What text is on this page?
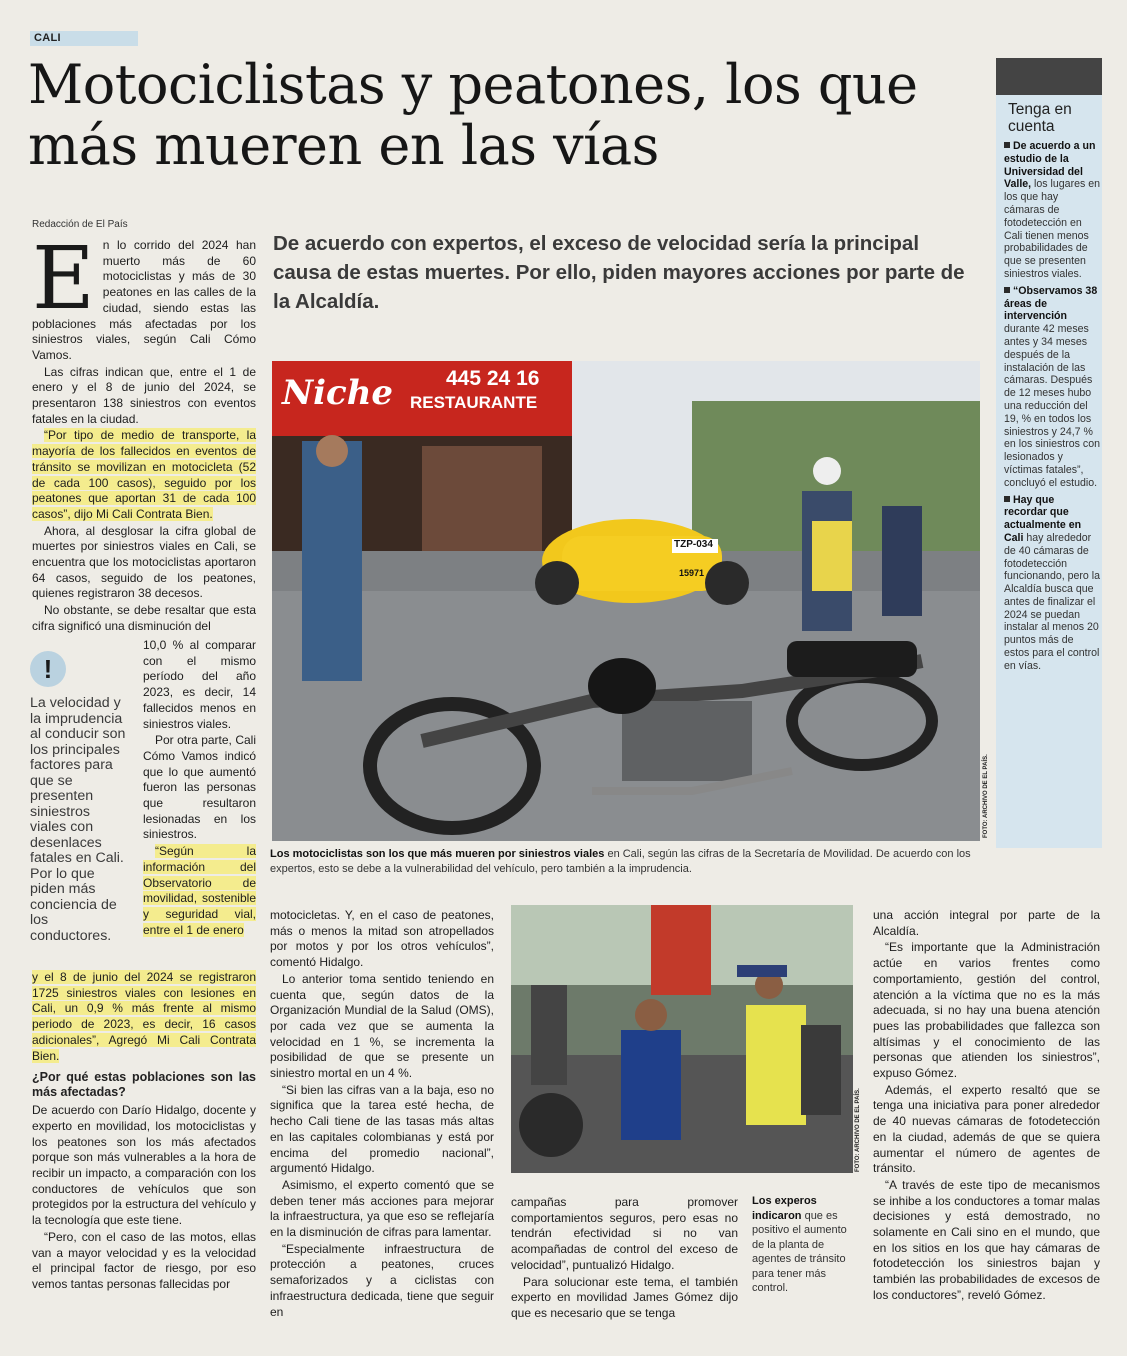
CALI
Motociclistas y peatones, los que más mueren en las vías
Redacción de El País
De acuerdo con expertos, el exceso de velocidad sería la principal causa de estas muertes. Por ello, piden mayores acciones por parte de la Alcaldía.
E n lo corrido del 2024 han muerto más de 60 motociclistas y más de 30 peatones en las calles de la ciudad, siendo estas las poblaciones más afectadas por los siniestros viales, según Cali Cómo Vamos.

Las cifras indican que, entre el 1 de enero y el 8 de junio del 2024, se presentaron 138 siniestros con eventos fatales en la ciudad.

“Por tipo de medio de transporte, la mayoría de los fallecidos en eventos de tránsito se movilizan en motocicleta (52 de cada 100 casos), seguido por los peatones que aportan 31 de cada 100 casos”, dijo Mi Cali Contrata Bien.

Ahora, al desglosar la cifra global de muertes por siniestros viales en Cali, se encuentra que los motociclistas aportaron 64 casos, seguido de los peatones, quienes registraron 38 decesos.

No obstante, se debe resaltar que esta cifra significó una disminución del

10,0 % al comparar con el mismo período del año 2023, es decir, 14 fallecidos menos en siniestros viales.

Por otra parte, Cali Cómo Vamos indicó que lo que aumentó fueron las personas que resultaron lesionadas en los siniestros.

“Según la información del Observatorio de movilidad, sostenible y seguridad vial, entre el 1 de enero

!
La velocidad y la imprudencia al conducir son los principales factores para que se presenten siniestros viales con desenlaces fatales en Cali. Por lo que piden más conciencia de los conductores.

y el 8 de junio del 2024 se registraron 1725 siniestros viales con lesiones en Cali, un 0,9 % más frente al mismo periodo de 2023, es decir, 16 casos adicionales”, Agregó Mi Cali Contrata Bien.

¿Por qué estas poblaciones son las más afectadas?

De acuerdo con Darío Hidalgo, docente y experto en movilidad, los motociclistas y los peatones son los más afectados porque son más vulnerables a la hora de recibir un impacto, a comparación con los conductores de vehículos que son protegidos por la estructura del vehículo y la tecnología que este tiene.

“Pero, con el caso de las motos, ellas van a mayor velocidad y es la velocidad el principal factor de riesgo, por eso vemos tantas personas fallecidas por

Niche	445 24 16
RESTAURANTE
TZP-034
15971
FOTO: ARCHIVO DE EL PAÍS.
Los motociclistas son los que más mueren por siniestros viales en Cali, según las cifras de la Secretaría de Movilidad. De acuerdo con los expertos, esto se debe a la vulnerabilidad del vehículo, pero también a la imprudencia.

motocicletas. Y, en el caso de peatones, más o menos la mitad son atropellados por motos y por los otros vehículos”, comentó Hidalgo.

Lo anterior toma sentido teniendo en cuenta que, según datos de la Organización Mundial de la Salud (OMS), por cada vez que se aumenta la velocidad en 1 %, se incrementa la posibilidad de que se presente un siniestro mortal en un 4 %.

“Si bien las cifras van a la baja, eso no significa que la tarea esté hecha, de hecho Cali tiene de las tasas más altas en las capitales colombianas y está por encima del promedio nacional”, argumentó Hidalgo.

Asimismo, el experto comentó que se deben tener más acciones para mejorar la infraestructura, ya que eso se reflejaría en la disminución de cifras para lamentar.

“Especialmente infraestructura de protección a peatones, cruces semaforizados y a ciclistas con infraestructura dedicada, tiene que seguir en

FOTO: ARCHIVO DE EL PAÍS.

campañas para promover comportamientos seguros, pero esas no tendrán efectividad si no van acompañadas de control del exceso de velocidad”, puntualizó Hidalgo.

Para solucionar este tema, el también experto en movilidad James Gómez dijo que es necesario que se tenga

Los experos indicaron que es positivo el aumento de la planta de agentes de tránsito para tener más control.

una acción integral por parte de la Alcaldía.

“Es importante que la Administración actúe en varios frentes como comportamiento, gestión del control, atención a la víctima que no es la más adecuada, si no hay una buena atención pues las probabilidades que fallezca son altísimas y el conocimiento de las personas que atienden los siniestros”, expuso Gómez.

Además, el experto resaltó que se tenga una iniciativa para poner alrededor de 40 nuevas cámaras de fotodetección en la ciudad, además de que se quiera aumentar el número de agentes de tránsito.

“A través de este tipo de mecanismos se inhibe a los conductores a tomar malas decisiones y está demostrado, no solamente en Cali sino en el mundo, que en los sitios en los que hay cámaras de fotodetección los siniestros bajan y también las probabilidades de excesos de los conductores”, reveló Gómez.

Tenga en cuenta
De acuerdo a un estudio de la Universidad del Valle, los lugares en los que hay cámaras de fotodetección en Cali tienen menos probabilidades de que se presenten siniestros viales.
“Observamos 38 áreas de intervención durante 42 meses antes y 34 meses después de la instalación de las cámaras. Después de 12 meses hubo una reducción del 19, % en todos los siniestros y 24,7 % en los siniestros con lesionados y víctimas fatales”, concluyó el estudio.
Hay que recordar que actualmente en Cali hay alrededor de 40 cámaras de fotodetección funcionando, pero la Alcaldía busca que antes de finalizar el 2024 se puedan instalar al menos 20 puntos más de estos para el control en vías.
